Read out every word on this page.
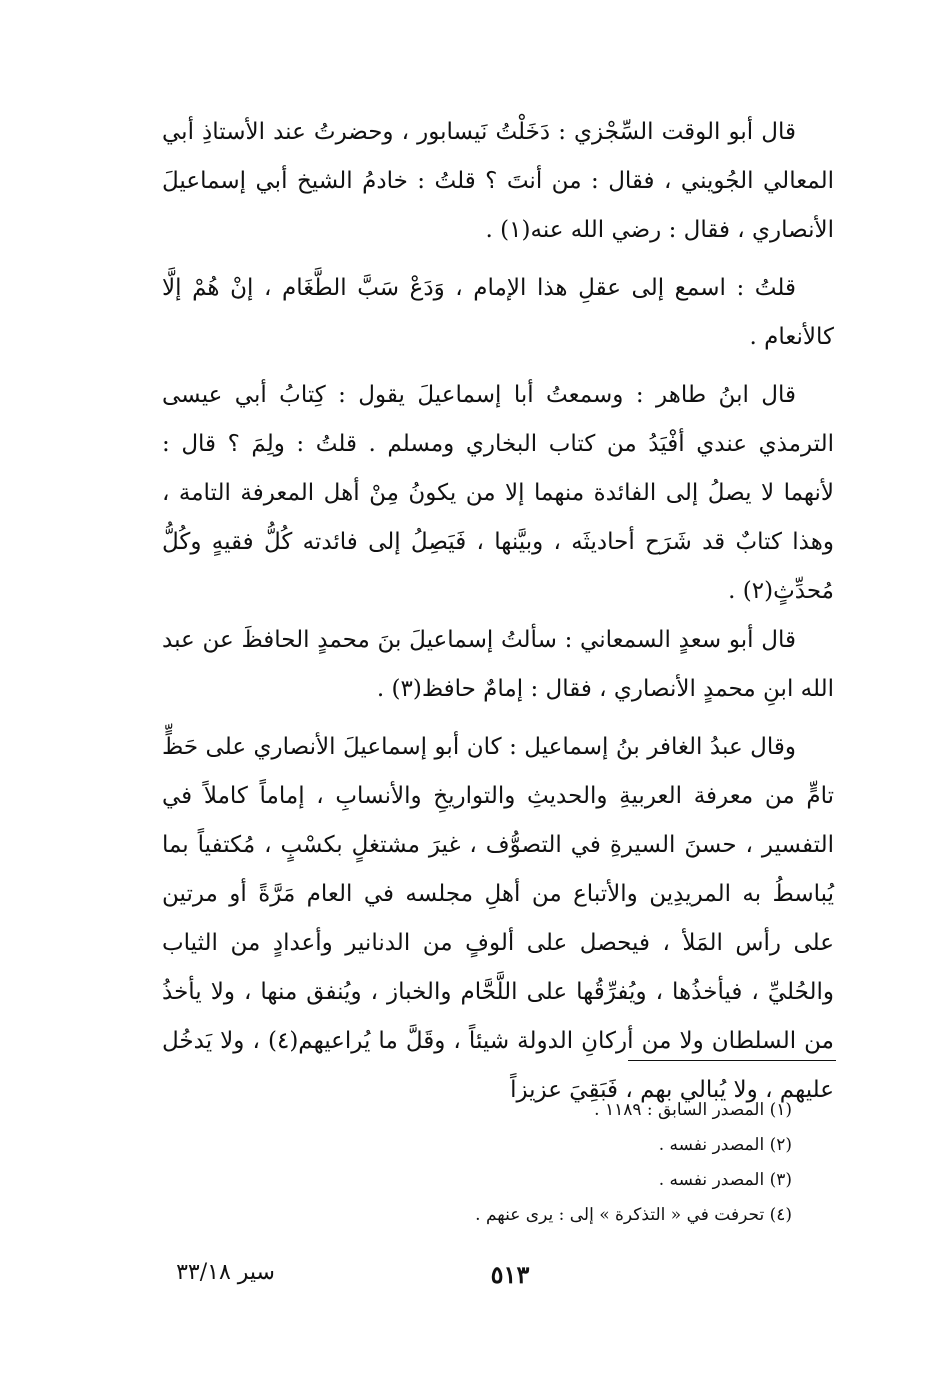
قال أبو الوقت السِّجْزي : دَخَلْتُ نَيسابور ، وحضرتُ عند الأستاذِ أبي المعالي الجُويني ، فقال : من أنتَ ؟ قلتُ : خادمُ الشيخ أبي إسماعيلَ الأنصاري ، فقال : رضي الله عنه(١) .

قلتُ : اسمع إلى عقلِ هذا الإمام ، وَدَعْ سَبَّ الطَّغَام ، إنْ هُمْ إلَّا كالأنعام .

قال ابنُ طاهر : وسمعتُ أبا إسماعيلَ يقول : كِتابُ أبي عيسى الترمذي عندي أفْيَدُ من كتاب البخاري ومسلم . قلتُ : ولِمَ ؟ قال : لأنهما لا يصلُ إلى الفائدة منهما إلا من يكونُ مِنْ أهل المعرفة التامة ، وهذا كتابٌ قد شَرَح أحاديثَه ، وبيَّنها ، فَيَصِلُ إلى فائدته كُلُّ فقيهٍ وكُلُّ مُحدِّثٍ(٢) .

قال أبو سعدٍ السمعاني : سألتُ إسماعيلَ بنَ محمدٍ الحافظَ عن عبد الله ابنِ محمدٍ الأنصاري ، فقال : إمامٌ حافظ(٣) .

وقال عبدُ الغافر بنُ إسماعيل : كان أبو إسماعيلَ الأنصاري على حَظٍّ تامٍّ من معرفة العربيةِ والحديثِ والتواريخِ والأنسابِ ، إماماً كاملاً في التفسير ، حسنَ السيرةِ في التصوُّف ، غيرَ مشتغلٍ بكسْبٍ ، مُكتفياً بما يُباسطُ به المريدِين والأتباع من أهلِ مجلسه في العام مَرَّةً أو مرتين على رأس المَلأ ، فيحصل على ألوفٍ من الدنانير وأعدادٍ من الثياب والحُليِّ ، فيأخذُها ، ويُفرِّقُها على اللَّحَّام والخباز ، ويُنفق منها ، ولا يأخذُ من السلطان ولا من أركانِ الدولة شيئاً ، وقَلَّ ما يُراعيهم(٤) ، ولا يَدخُل عليهم ، ولا يُبالي بهم ، فَبَقِيَ عزيزاً

(١) المصدر السابق : ١١٨٩ .

(٢) المصدر نفسه .

(٣) المصدر نفسه .

(٤) تحرفت في « التذكرة » إلى : يرى عنهم .

٥١٣
سير ٣٣/١٨
